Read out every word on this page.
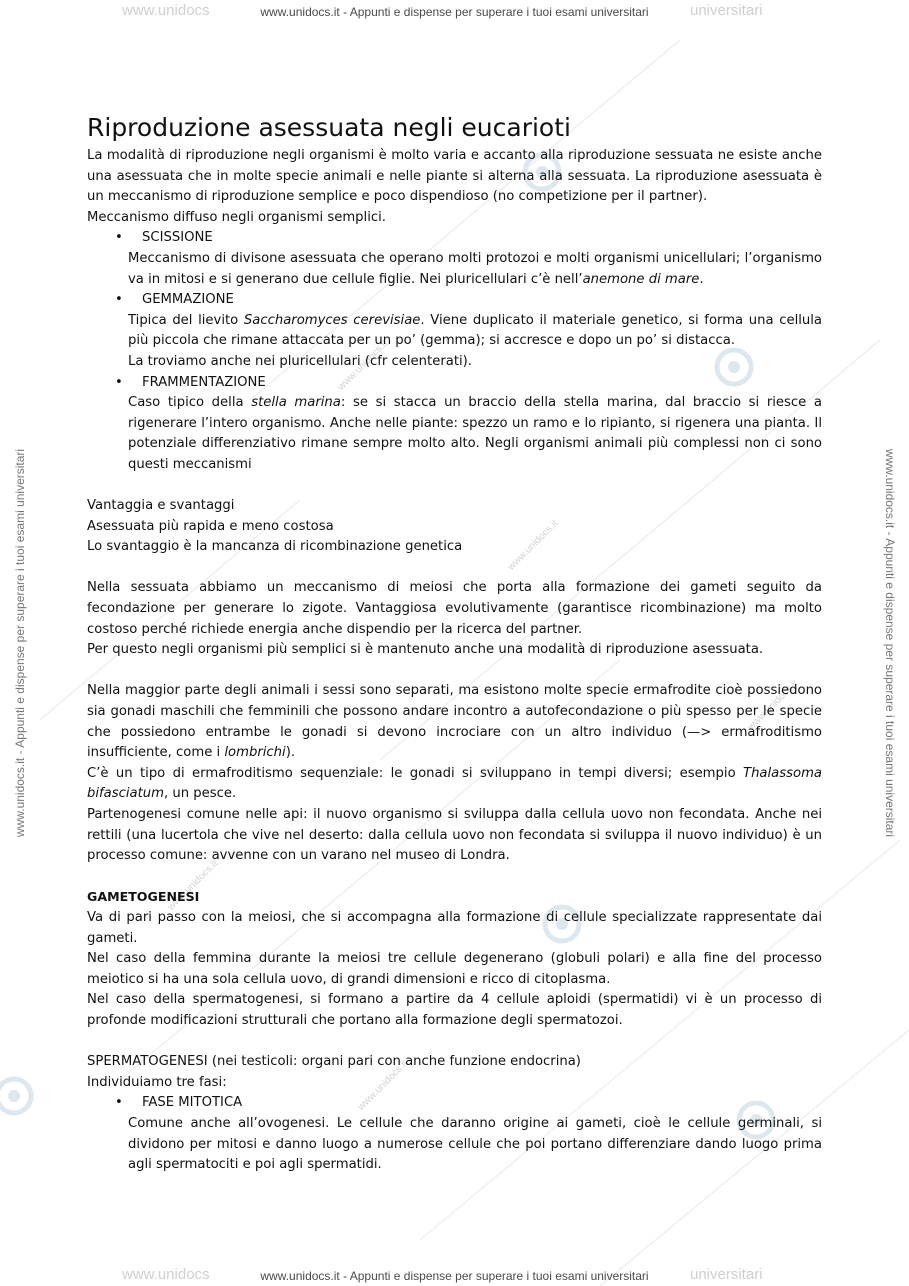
www.unidocs	universitari
www.unidocs	universitari
www.unidocs.it
www.unidocs.it
www.unidocs.it
www.unidocs.it
www.unidocs.it
www.unidocs.it - Appunti e dispense per superare i tuoi esami universitari
www.unidocs.it - Appunti e dispense per superare i tuoi esami universitari
www.unidocs.it - Appunti e dispense per superare i tuoi esami universitari	www.unidocs.it - Appunti e dispense per superare i tuoi esami universitari
Riproduzione asessuata negli eucarioti

La modalità di riproduzione negli organismi è molto varia e accanto alla riproduzione sessuata ne esiste anche una asessuata che in molte specie animali e nelle piante si alterna alla sessuata. La riproduzione asessuata è un meccanismo di riproduzione semplice e poco dispendioso (no competizione per il partner).

Meccanismo diffuso negli organismi semplici.

• SCISSIONE
Meccanismo di divisone asessuata che operano molti protozoi e molti organismi unicellulari; l’organismo va in mitosi e si generano due cellule figlie. Nei pluricellulari c’è nell’anemone di mare.
• GEMMAZIONE
Tipica del lievito Saccharomyces cerevisiae. Viene duplicato il materiale genetico, si forma una cellula più piccola che rimane attaccata per un po’ (gemma); si accresce e dopo un po’ si distacca.
La troviamo anche nei pluricellulari (cfr celenterati).
• FRAMMENTAZIONE
Caso tipico della stella marina: se si stacca un braccio della stella marina, dal braccio si riesce a rigenerare l’intero organismo. Anche nelle piante: spezzo un ramo e lo ripianto, si rigenera una pianta. Il potenziale differenziativo rimane sempre molto alto. Negli organismi animali più complessi non ci sono questi meccanismi

Vantaggia e svantaggi

Asessuata più rapida e meno costosa

Lo svantaggio è la mancanza di ricombinazione genetica

Nella sessuata abbiamo un meccanismo di meiosi che porta alla formazione dei gameti seguito da fecondazione per generare lo zigote. Vantaggiosa evolutivamente (garantisce ricombinazione) ma molto costoso perché richiede energia anche dispendio per la ricerca del partner.

Per questo negli organismi più semplici si è mantenuto anche una modalità di riproduzione asessuata.

Nella maggior parte degli animali i sessi sono separati, ma esistono molte specie ermafrodite cioè possiedono sia gonadi maschili che femminili che possono andare incontro a autofecondazione o più spesso per le specie che possiedono entrambe le gonadi si devono incrociare con un altro individuo (—> ermafroditismo insufficiente, come i lombrichi).

C’è un tipo di ermafroditismo sequenziale: le gonadi si sviluppano in tempi diversi; esempio Thalassoma bifasciatum, un pesce.

Partenogenesi comune nelle api: il nuovo organismo si sviluppa dalla cellula uovo non fecondata. Anche nei rettili (una lucertola che vive nel deserto: dalla cellula uovo non fecondata si sviluppa il nuovo individuo) è un processo comune: avvenne con un varano nel museo di Londra.

GAMETOGENESI

Va di pari passo con la meiosi, che si accompagna alla formazione di cellule specializzate rappresentate dai gameti.

Nel caso della femmina durante la meiosi tre cellule degenerano (globuli polari) e alla fine del processo meiotico si ha una sola cellula uovo, di grandi dimensioni e ricco di citoplasma.

Nel caso della spermatogenesi, si formano a partire da 4 cellule aploidi (spermatidi) vi è un processo di profonde modificazioni strutturali che portano alla formazione degli spermatozoi.

SPERMATOGENESI (nei testicoli: organi pari con anche funzione endocrina)

Individuiamo tre fasi:

• FASE MITOTICA
Comune anche all’ovogenesi. Le cellule che daranno origine ai gameti, cioè le cellule germinali, si dividono per mitosi e danno luogo a numerose cellule che poi portano differenziare dando luogo prima agli spermatociti e poi agli spermatidi.
